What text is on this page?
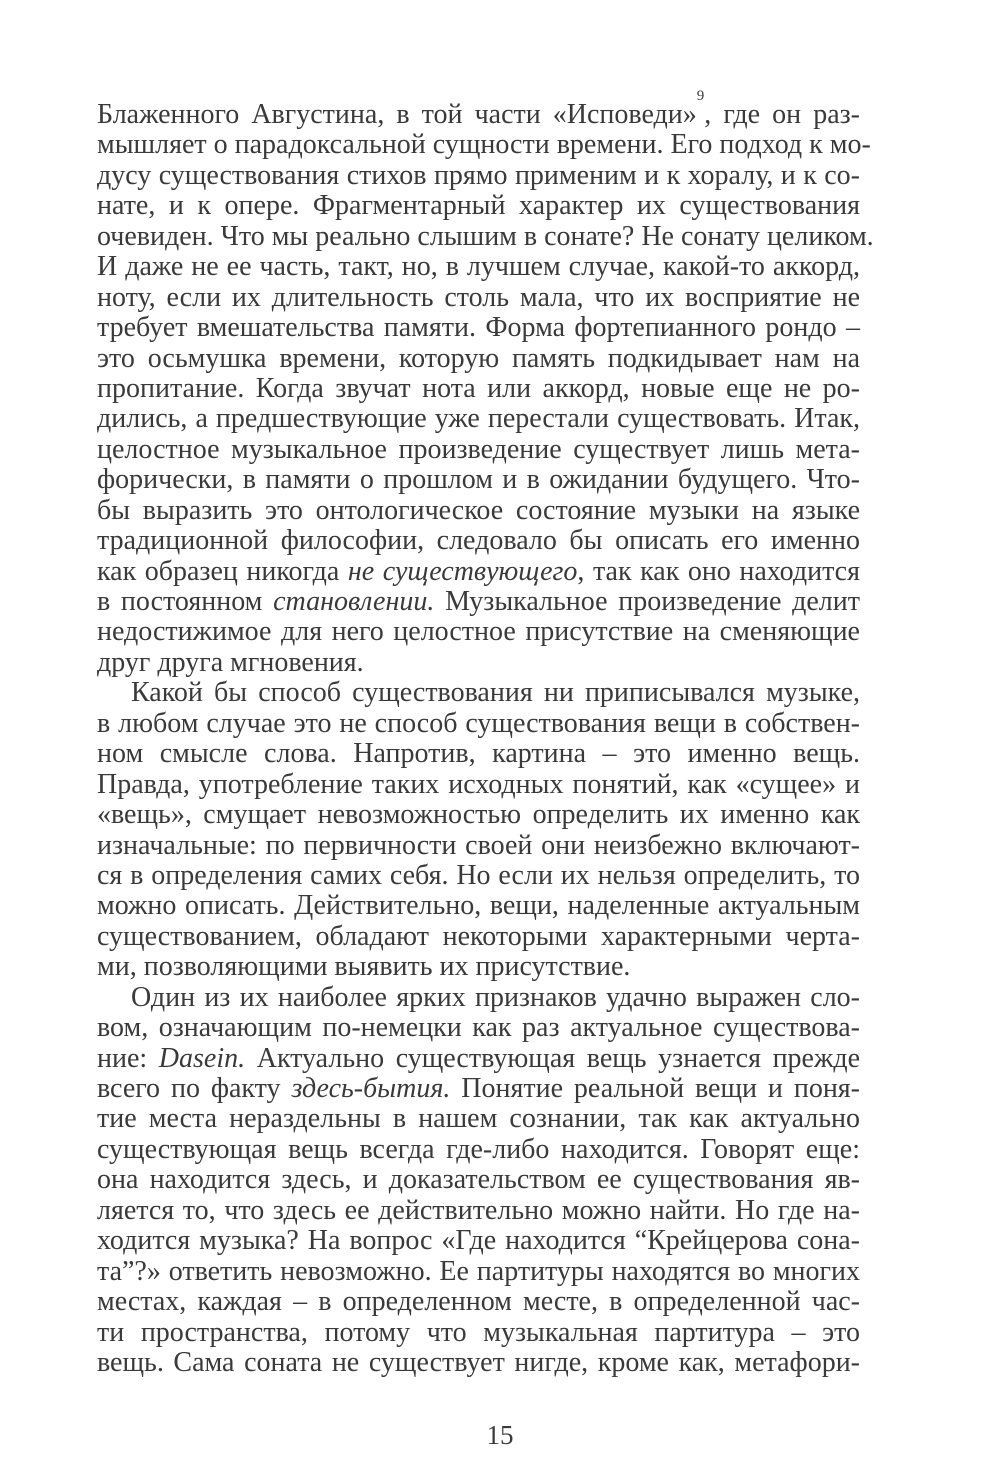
Блаженного Августина, в той части «Исповеди»$^9$, где он раз-
мышляет о парадоксальной сущности времени. Его подход к мо-
дусу существования стихов прямо применим и к хоралу, и к со-
нате, и к опере. Фрагментарный характер их существования
очевиден. Что мы реально слышим в сонате? Не сонату целиком.
И даже не ее часть, такт, но, в лучшем случае, какой-то аккорд,
ноту, если их длительность столь мала, что их восприятие не
требует вмешательства памяти. Форма фортепианного рондо –
это осьмушка времени, которую память подкидывает нам на
пропитание. Когда звучат нота или аккорд, новые еще не ро-
дились, а предшествующие уже перестали существовать. Итак,
целостное музыкальное произведение существует лишь мета-
форически, в памяти о прошлом и в ожидании будущего. Что-
бы выразить это онтологическое состояние музыки на языке
традиционной философии, следовало бы описать его именно
как образец никогда не существующего, так как оно находится
в постоянном становлении. Музыкальное произведение делит
недостижимое для него целостное присутствие на сменяющие
друг друга мгновения.
Какой бы способ существования ни приписывался музыке,
в любом случае это не способ существования вещи в собствен-
ном смысле слова. Напротив, картина – это именно вещь.
Правда, употребление таких исходных понятий, как «сущее» и
«вещь», смущает невозможностью определить их именно как
изначальные: по первичности своей они неизбежно включают-
ся в определения самих себя. Но если их нельзя определить, то
можно описать. Действительно, вещи, наделенные актуальным
существованием, обладают некоторыми характерными черта-
ми, позволяющими выявить их присутствие.
Один из их наиболее ярких признаков удачно выражен сло-
вом, означающим по-немецки как раз актуальное существова-
ние: Dasein. Актуально существующая вещь узнается прежде
всего по факту здесь-бытия. Понятие реальной вещи и поня-
тие места нераздельны в нашем сознании, так как актуально
существующая вещь всегда где-либо находится. Говорят еще:
она находится здесь, и доказательством ее существования яв-
ляется то, что здесь ее действительно можно найти. Но где на-
ходится музыка? На вопрос «Где находится “Крейцерова сона-
та”?» ответить невозможно. Ее партитуры находятся во многих
местах, каждая – в определенном месте, в определенной час-
ти пространства, потому что музыкальная партитура – это
вещь. Сама соната не существует нигде, кроме как, метафори-
15
